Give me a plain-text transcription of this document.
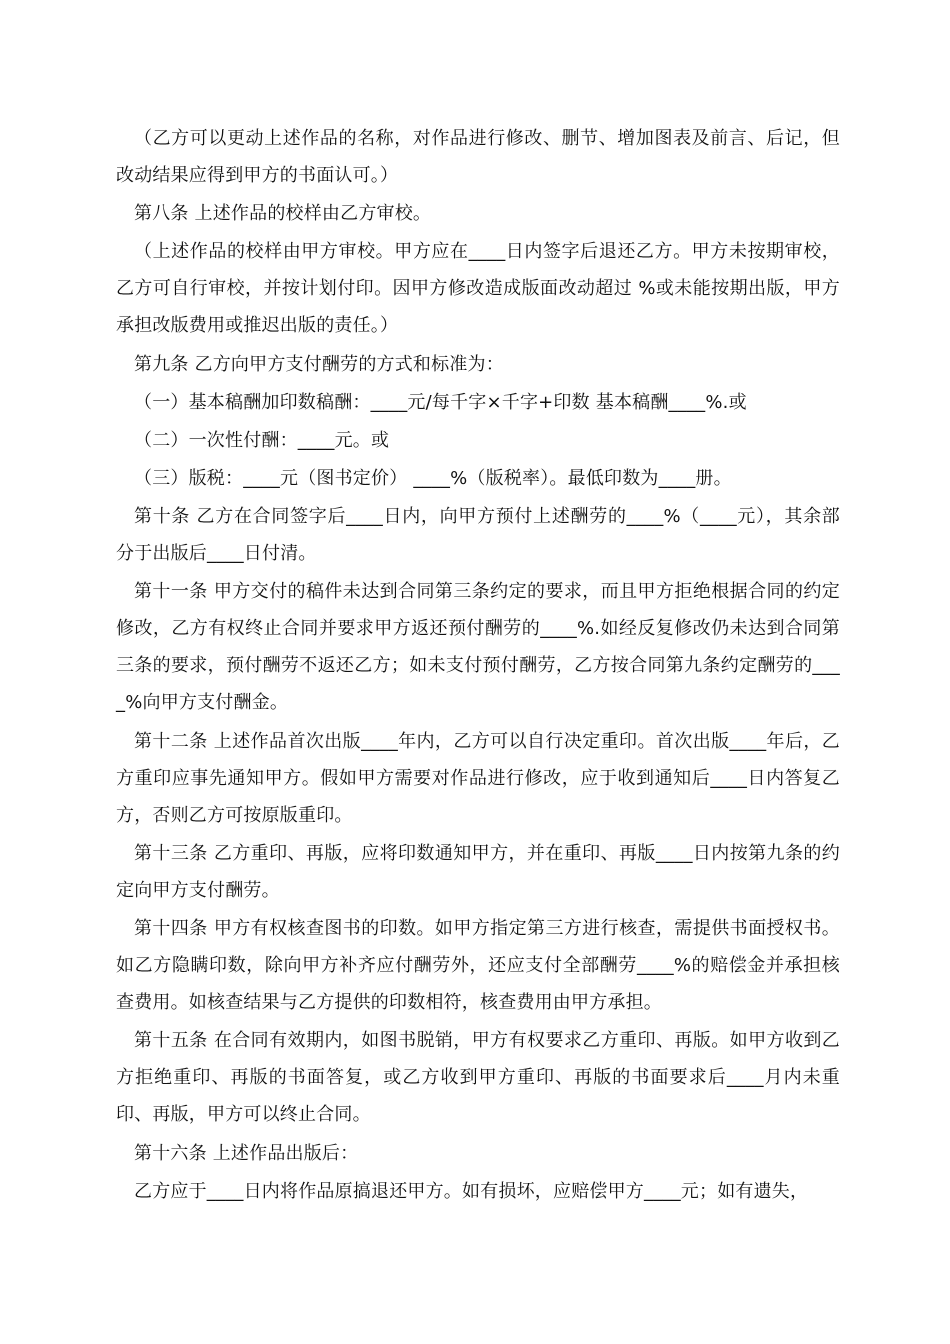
（乙方可以更动上述作品的名称，对作品进行修改、删节、增加图表及前言、后记，但改动结果应得到甲方的书面认可。）

第八条 上述作品的校样由乙方审校。

（上述作品的校样由甲方审校。甲方应在____日内签字后退还乙方。甲方未按期审校，乙方可自行审校，并按计划付印。因甲方修改造成版面改动超过 %或未能按期出版，甲方承担改版费用或推迟出版的责任。）

第九条 乙方向甲方支付酬劳的方式和标准为：

（一）基本稿酬加印数稿酬：____元/每千字×千字+印数 基本稿酬____%.或

（二）一次性付酬：____元。或

（三）版税：____元（图书定价） ____%（版税率）。最低印数为____册。

第十条 乙方在合同签字后____日内，向甲方预付上述酬劳的____%（____元），其余部分于出版后____日付清。

第十一条 甲方交付的稿件未达到合同第三条约定的要求，而且甲方拒绝根据合同的约定修改，乙方有权终止合同并要求甲方返还预付酬劳的____%.如经反复修改仍未达到合同第三条的要求，预付酬劳不返还乙方；如未支付预付酬劳，乙方按合同第九条约定酬劳的____%向甲方支付酬金。

第十二条 上述作品首次出版____年内，乙方可以自行决定重印。首次出版____年后，乙方重印应事先通知甲方。假如甲方需要对作品进行修改，应于收到通知后____日内答复乙方，否则乙方可按原版重印。

第十三条 乙方重印、再版，应将印数通知甲方，并在重印、再版____日内按第九条的约定向甲方支付酬劳。

第十四条 甲方有权核查图书的印数。如甲方指定第三方进行核查，需提供书面授权书。如乙方隐瞒印数，除向甲方补齐应付酬劳外，还应支付全部酬劳____%的赔偿金并承担核查费用。如核查结果与乙方提供的印数相符，核查费用由甲方承担。

第十五条 在合同有效期内，如图书脱销，甲方有权要求乙方重印、再版。如甲方收到乙方拒绝重印、再版的书面答复，或乙方收到甲方重印、再版的书面要求后____月内未重印、再版，甲方可以终止合同。

第十六条 上述作品出版后：

乙方应于____日内将作品原搞退还甲方。如有损坏，应赔偿甲方____元；如有遗失，
